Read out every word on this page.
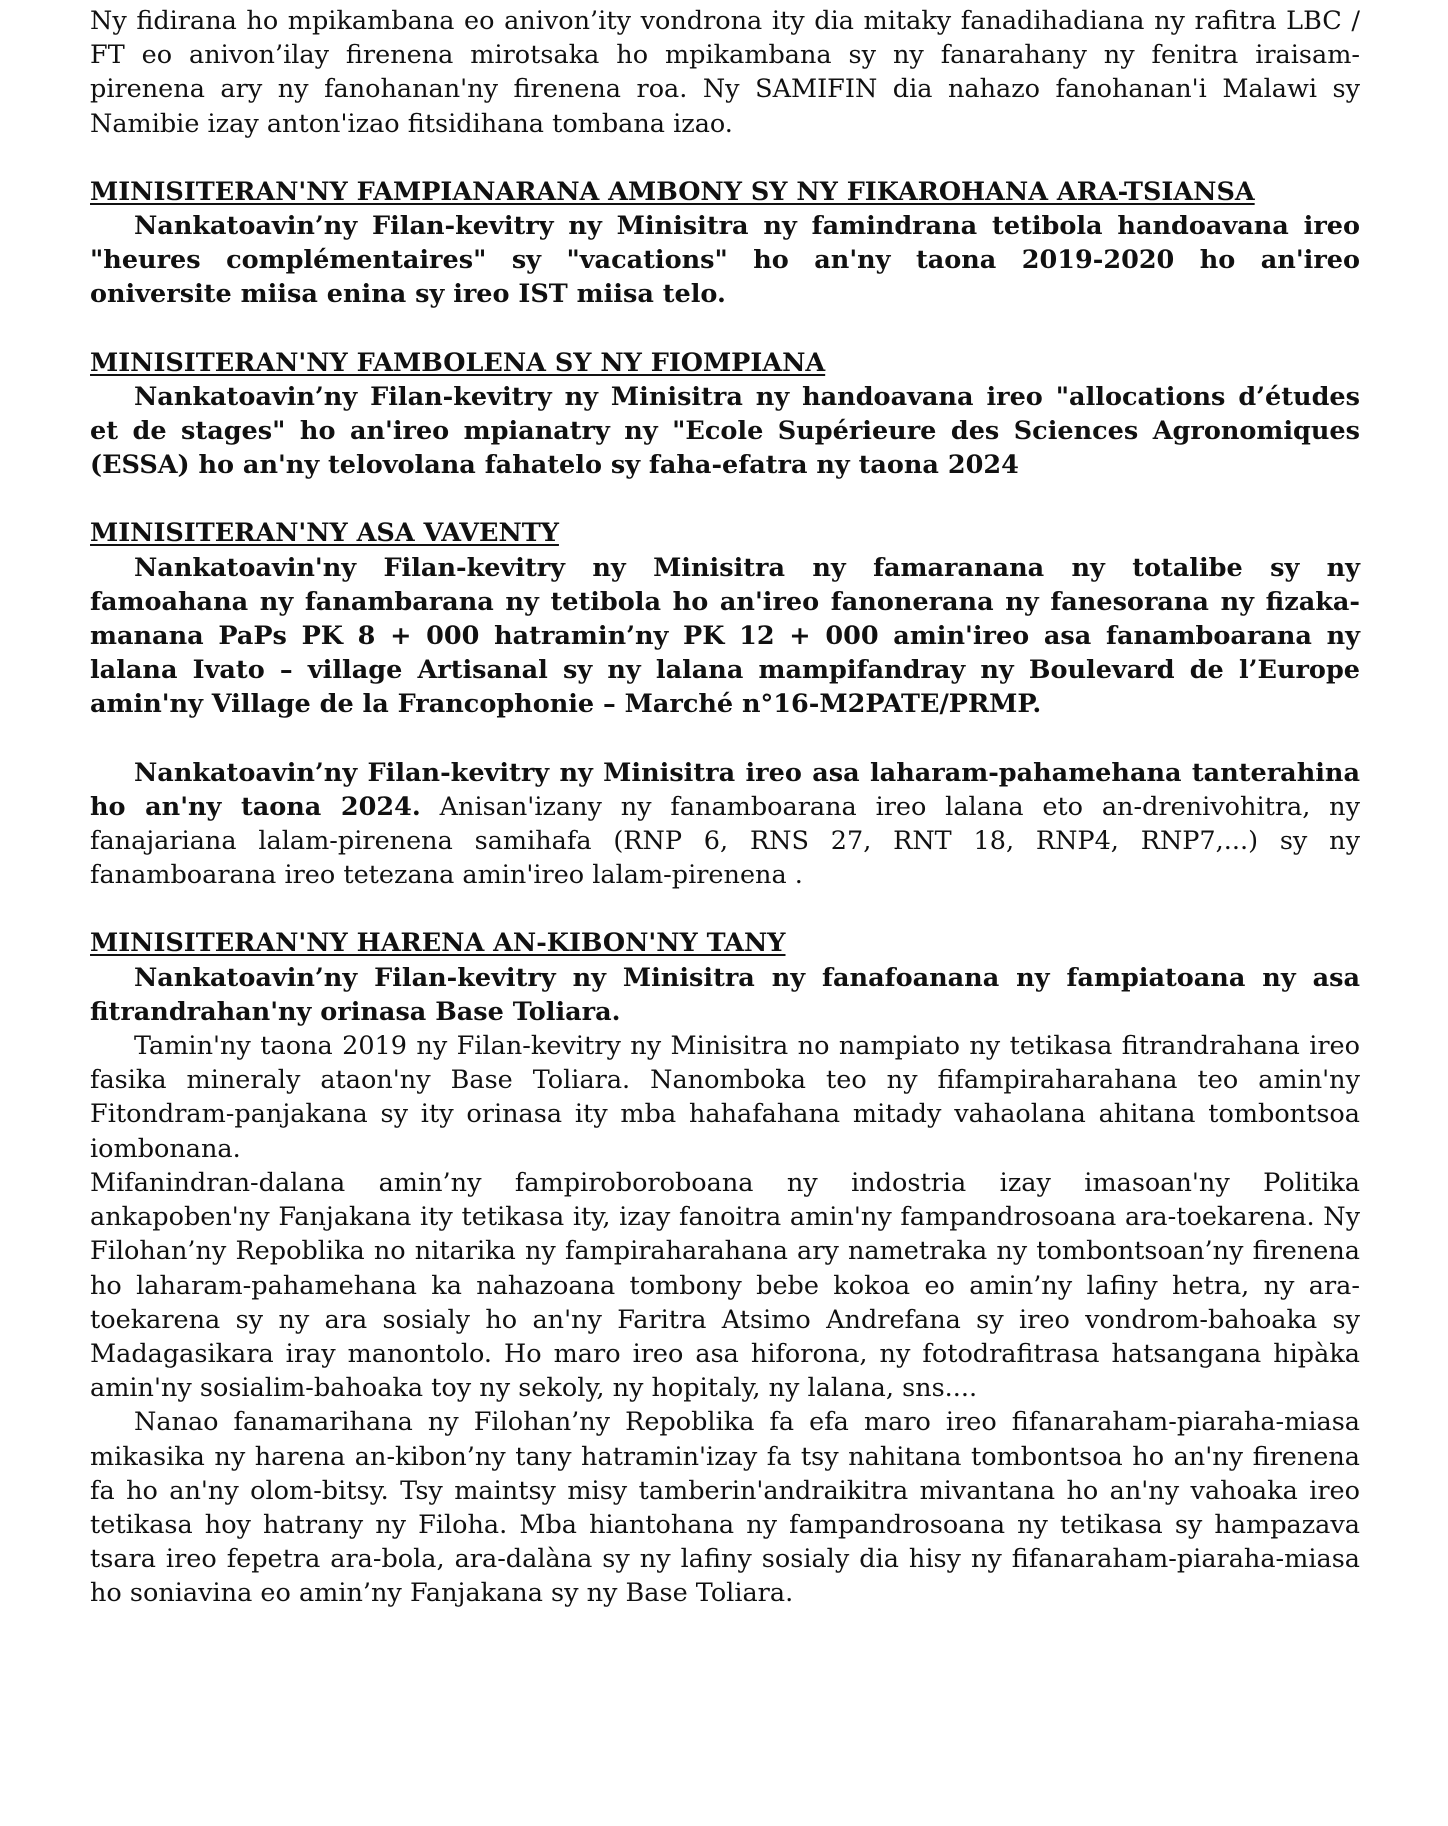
Ny fidirana ho mpikambana eo anivon’ity vondrona ity dia mitaky fanadihadiana ny rafitra LBC / FT eo anivon’ilay firenena mirotsaka ho mpikambana sy ny fanarahany ny fenitra iraisam-pirenena ary ny fanohanan'ny firenena roa. Ny SAMIFIN dia nahazo fanohanan'i Malawi sy Namibie izay anton'izao fitsidihana tombana izao.

MINISITERAN'NY FAMPIANARANA AMBONY SY NY FIKAROHANA ARA-TSIANSA

Nankatoavin’ny Filan-kevitry ny Minisitra ny famindrana tetibola handoavana ireo "heures complémentaires" sy "vacations" ho an'ny taona 2019-2020 ho an'ireo oniversite miisa enina sy ireo IST miisa telo.

MINISITERAN'NY FAMBOLENA SY NY FIOMPIANA

Nankatoavin’ny Filan-kevitry ny Minisitra ny handoavana ireo "allocations d’études et de stages" ho an'ireo mpianatry ny "Ecole Supérieure des Sciences Agronomiques (ESSA) ho an'ny telovolana fahatelo sy faha-efatra ny taona 2024

MINISITERAN'NY ASA VAVENTY

Nankatoavin'ny Filan-kevitry ny Minisitra ny famaranana ny totalibe sy ny famoahana ny fanambarana ny tetibola ho an'ireo fanonerana ny fanesorana ny fizaka-manana PaPs PK 8 + 000 hatramin’ny PK 12 + 000 amin'ireo asa fanamboarana ny lalana Ivato – village Artisanal sy ny lalana mampifandray ny Boulevard de l’Europe amin'ny Village de la Francophonie – Marché n°16-M2PATE/PRMP.

Nankatoavin’ny Filan-kevitry ny Minisitra ireo asa laharam-pahamehana tanterahina ho an'ny taona 2024. Anisan'izany ny fanamboarana ireo lalana eto an-drenivohitra, ny fanajariana lalam-pirenena samihafa (RNP 6, RNS 27, RNT 18, RNP4, RNP7,...) sy ny fanamboarana ireo tetezana amin'ireo lalam-pirenena .

MINISITERAN'NY HARENA AN-KIBON'NY TANY

Nankatoavin’ny Filan-kevitry ny Minisitra ny fanafoanana ny fampiatoana ny asa fitrandrahan'ny orinasa Base Toliara.

Tamin'ny taona 2019 ny Filan-kevitry ny Minisitra no nampiato ny tetikasa fitrandrahana ireo fasika mineraly ataon'ny Base Toliara. Nanomboka teo ny fifampiraharahana teo amin'ny Fitondram-panjakana sy ity orinasa ity mba hahafahana mitady vahaolana ahitana tombontsoa iombonana.

Mifanindran-dalana amin’ny fampiroboroboana ny indostria izay imasoan'ny Politika ankapoben'ny Fanjakana ity tetikasa ity, izay fanoitra amin'ny fampandrosoana ara-toekarena. Ny Filohan’ny Repoblika no nitarika ny fampiraharahana ary nametraka ny tombontsoan’ny firenena ho laharam-pahamehana ka nahazoana tombony bebe kokoa eo amin’ny lafiny hetra, ny ara-toekarena sy ny ara sosialy ho an'ny Faritra Atsimo Andrefana sy ireo vondrom-bahoaka sy Madagasikara iray manontolo. Ho maro ireo asa hiforona, ny fotodrafitrasa hatsangana hipàka amin'ny sosialim-bahoaka toy ny sekoly, ny hopitaly, ny lalana, sns....

Nanao fanamarihana ny Filohan’ny Repoblika fa efa maro ireo fifanaraham-piaraha-miasa mikasika ny harena an-kibon’ny tany hatramin'izay fa tsy nahitana tombontsoa ho an'ny firenena fa ho an'ny olom-bitsy. Tsy maintsy misy tamberin'andraikitra mivantana ho an'ny vahoaka ireo tetikasa hoy hatrany ny Filoha. Mba hiantohana ny fampandrosoana ny tetikasa sy hampazava tsara ireo fepetra ara-bola, ara-dalàna sy ny lafiny sosialy dia hisy ny fifanaraham-piaraha-miasa ho soniavina eo amin’ny Fanjakana sy ny Base Toliara.
